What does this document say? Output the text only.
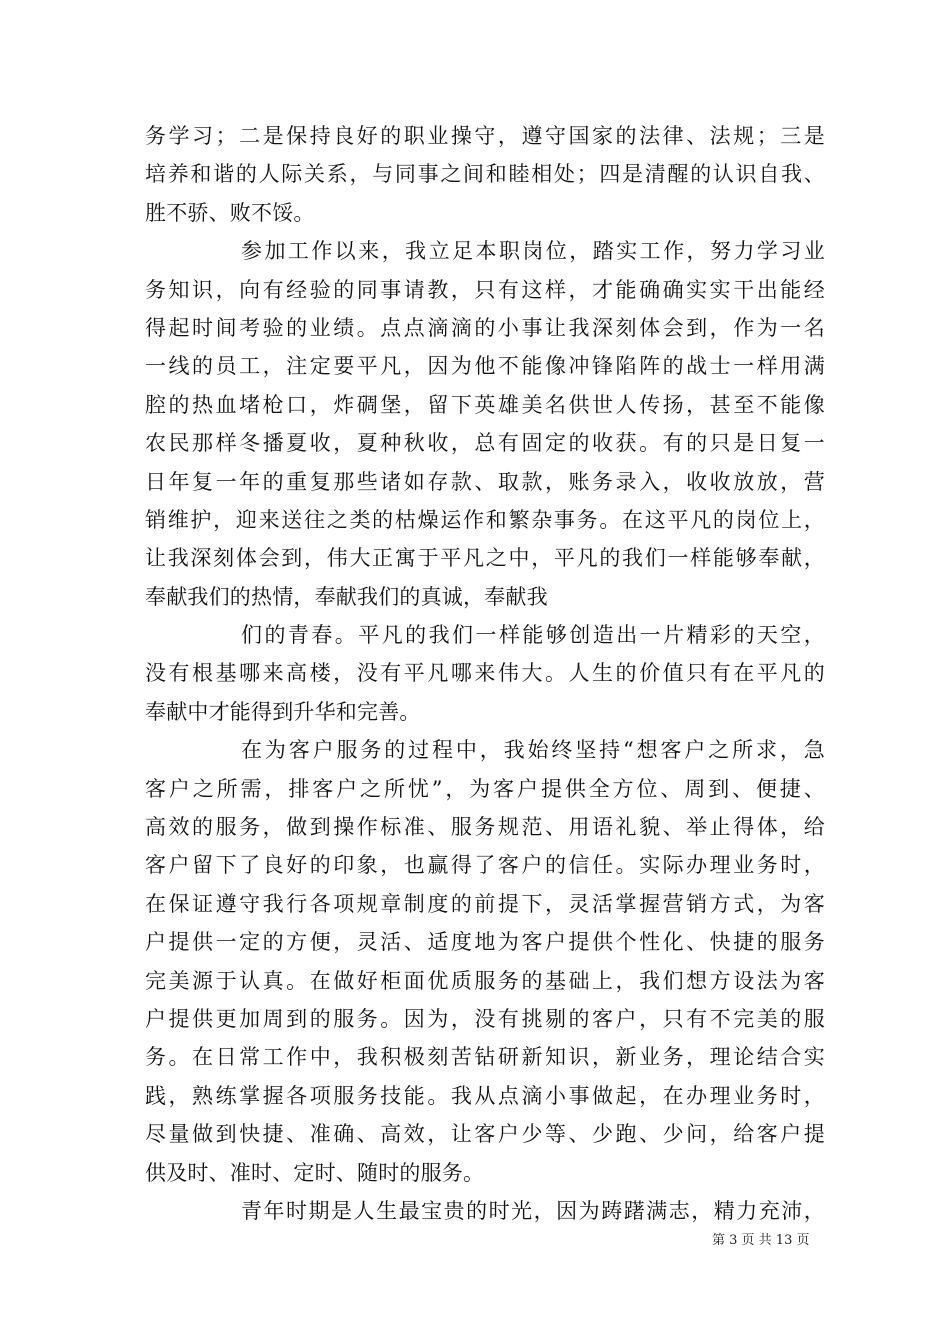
务学习；二是保持良好的职业操守，遵守国家的法律、法规；三是
培养和谐的人际关系，与同事之间和睦相处；四是清醒的认识自我、
胜不骄、败不馁。
参加工作以来，我立足本职岗位，踏实工作，努力学习业
务知识，向有经验的同事请教，只有这样，才能确确实实干出能经
得起时间考验的业绩。点点滴滴的小事让我深刻体会到，作为一名
一线的员工，注定要平凡，因为他不能像冲锋陷阵的战士一样用满
腔的热血堵枪口，炸碉堡，留下英雄美名供世人传扬，甚至不能像
农民那样冬播夏收，夏种秋收，总有固定的收获。有的只是日复一
日年复一年的重复那些诸如存款、取款，账务录入，收收放放，营
销维护，迎来送往之类的枯燥运作和繁杂事务。在这平凡的岗位上，
让我深刻体会到，伟大正寓于平凡之中，平凡的我们一样能够奉献，
奉献我们的热情，奉献我们的真诚，奉献我
们的青春。平凡的我们一样能够创造出一片精彩的天空，
没有根基哪来高楼，没有平凡哪来伟大。人生的价值只有在平凡的
奉献中才能得到升华和完善。
在为客户服务的过程中，我始终坚持“想客户之所求，急
客户之所需，排客户之所忧”，为客户提供全方位、周到、便捷、
高效的服务，做到操作标准、服务规范、用语礼貌、举止得体，给
客户留下了良好的印象，也赢得了客户的信任。实际办理业务时，
在保证遵守我行各项规章制度的前提下，灵活掌握营销方式，为客
户提供一定的方便，灵活、适度地为客户提供个性化、快捷的服务
完美源于认真。在做好柜面优质服务的基础上，我们想方设法为客
户提供更加周到的服务。因为，没有挑剔的客户，只有不完美的服
务。在日常工作中，我积极刻苦钻研新知识，新业务，理论结合实
践，熟练掌握各项服务技能。我从点滴小事做起，在办理业务时，
尽量做到快捷、准确、高效，让客户少等、少跑、少问，给客户提
供及时、准时、定时、随时的服务。
青年时期是人生最宝贵的时光，因为踌躇满志，精力充沛，
第 3 页 共 13 页
